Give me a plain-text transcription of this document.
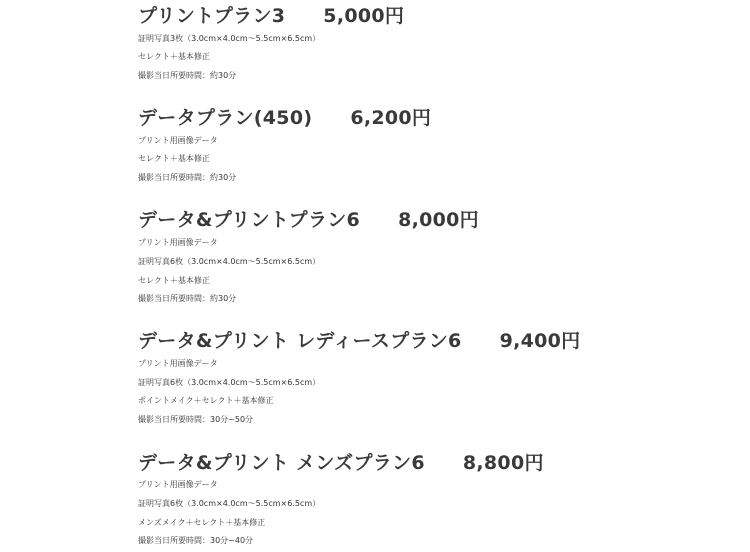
プリントプラン3 5,000円
証明写真3枚（3.0cm×4.0cm〜5.5cm×6.5cm）
セレクト＋基本修正
撮影当日所要時間：約30分
データプラン(450) 6,200円
プリント用画像データ
セレクト＋基本修正
撮影当日所要時間：約30分
データ&プリントプラン6 8,000円
プリント用画像データ
証明写真6枚（3.0cm×4.0cm〜5.5cm×6.5cm）
セレクト＋基本修正
撮影当日所要時間：約30分
データ&プリント レディースプラン6 9,400円
プリント用画像データ
証明写真6枚（3.0cm×4.0cm〜5.5cm×6.5cm）
ポイントメイク＋セレクト＋基本修正
撮影当日所要時間：30分~50分
データ&プリント メンズプラン6 8,800円
プリント用画像データ
証明写真6枚（3.0cm×4.0cm〜5.5cm×6.5cm）
メンズメイク＋セレクト＋基本修正
撮影当日所要時間：30分~40分
